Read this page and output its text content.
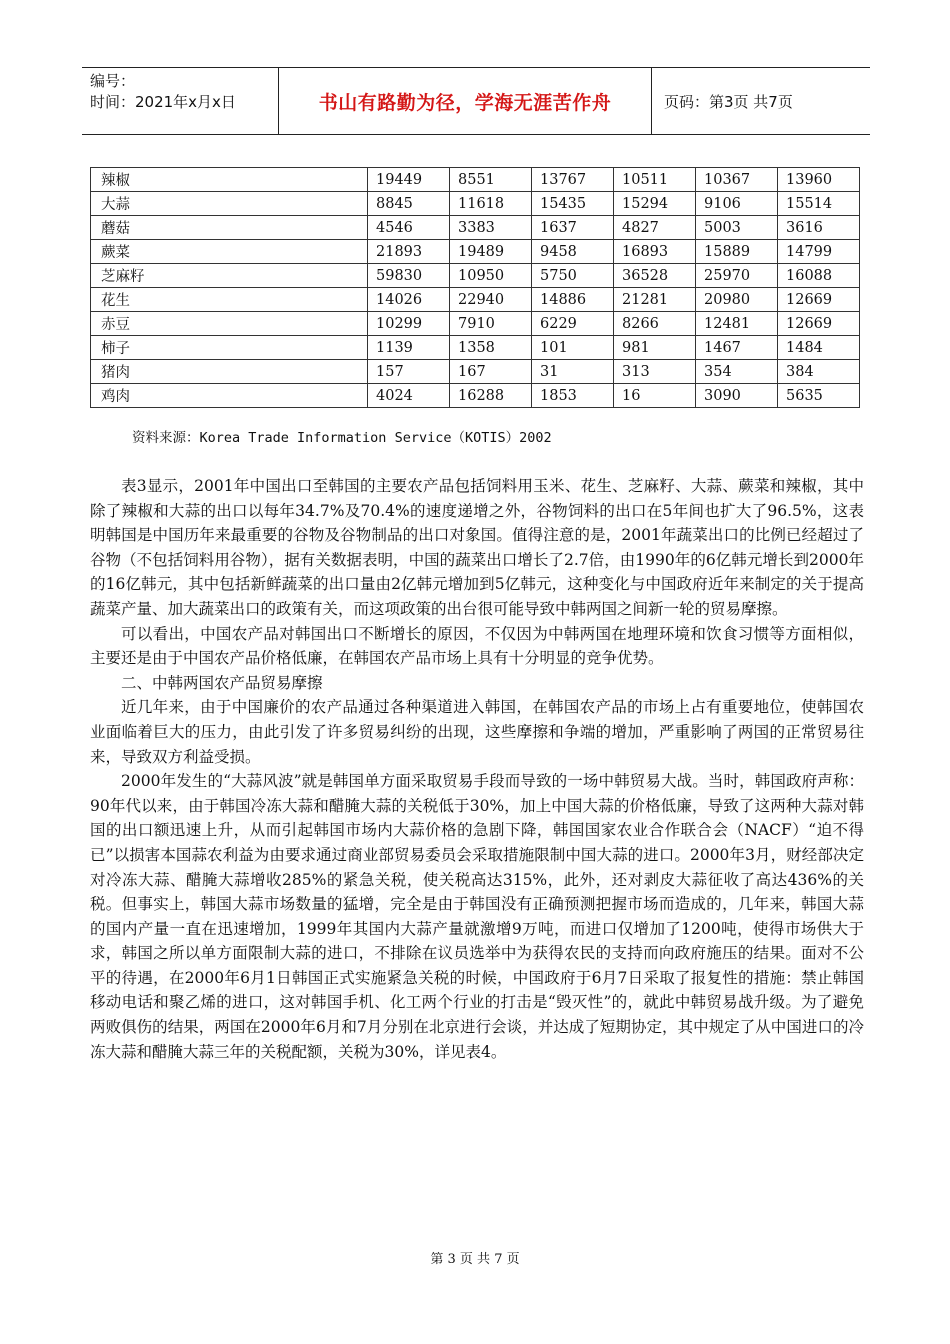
编号：
时间：2021年x月x日	书山有路勤为径，学海无涯苦作舟	页码：第3页 共7页
辣椒	19449	8551	13767	10511	10367	13960
大蒜	8845	11618	15435	15294	9106	15514
蘑菇	4546	3383	1637	4827	5003	3616
蕨菜	21893	19489	9458	16893	15889	14799
芝麻籽	59830	10950	5750	36528	25970	16088
花生	14026	22940	14886	21281	20980	12669
赤豆	10299	7910	6229	8266	12481	12669
柿子	1139	1358	101	981	1467	1484
猪肉	157	167	31	313	354	384
鸡肉	4024	16288	1853	16	3090	5635
资料来源：Korea Trade Information Service（KOTIS）2002

表3显示，2001年中国出口至韩国的主要农产品包括饲料用玉米、花生、芝麻籽、大蒜、蕨菜和辣椒，其中除了辣椒和大蒜的出口以每年34.7%及70.4%的速度递增之外，谷物饲料的出口在5年间也扩大了96.5%，这表明韩国是中国历年来最重要的谷物及谷物制品的出口对象国。值得注意的是，2001年蔬菜出口的比例已经超过了谷物（不包括饲料用谷物），据有关数据表明，中国的蔬菜出口增长了2.7倍，由1990年的6亿韩元增长到2000年的16亿韩元，其中包括新鲜蔬菜的出口量由2亿韩元增加到5亿韩元，这种变化与中国政府近年来制定的关于提高蔬菜产量、加大蔬菜出口的政策有关，而这项政策的出台很可能导致中韩两国之间新一轮的贸易摩擦。

可以看出，中国农产品对韩国出口不断增长的原因，不仅因为中韩两国在地理环境和饮食习惯等方面相似，主要还是由于中国农产品价格低廉，在韩国农产品市场上具有十分明显的竞争优势。

二、中韩两国农产品贸易摩擦

近几年来，由于中国廉价的农产品通过各种渠道进入韩国，在韩国农产品的市场上占有重要地位，使韩国农业面临着巨大的压力，由此引发了许多贸易纠纷的出现，这些摩擦和争端的增加，严重影响了两国的正常贸易往来，导致双方利益受损。

2000年发生的“大蒜风波”就是韩国单方面采取贸易手段而导致的一场中韩贸易大战。当时，韩国政府声称：90年代以来，由于韩国冷冻大蒜和醋腌大蒜的关税低于30%，加上中国大蒜的价格低廉，导致了这两种大蒜对韩国的出口额迅速上升，从而引起韩国市场内大蒜价格的急剧下降，韩国国家农业合作联合会（NACF）“迫不得已”以损害本国蒜农利益为由要求通过商业部贸易委员会采取措施限制中国大蒜的进口。2000年3月，财经部决定对冷冻大蒜、醋腌大蒜增收285%的紧急关税，使关税高达315%，此外，还对剥皮大蒜征收了高达436%的关税。但事实上，韩国大蒜市场数量的猛增，完全是由于韩国没有正确预测把握市场而造成的，几年来，韩国大蒜的国内产量一直在迅速增加，1999年其国内大蒜产量就激增9万吨，而进口仅增加了1200吨，使得市场供大于求，韩国之所以单方面限制大蒜的进口，不排除在议员选举中为获得农民的支持而向政府施压的结果。面对不公平的待遇，在2000年6月1日韩国正式实施紧急关税的时候，中国政府于6月7日采取了报复性的措施：禁止韩国移动电话和聚乙烯的进口，这对韩国手机、化工两个行业的打击是“毁灭性”的，就此中韩贸易战升级。为了避免两败俱伤的结果，两国在2000年6月和7月分别在北京进行会谈，并达成了短期协定，其中规定了从中国进口的冷冻大蒜和醋腌大蒜三年的关税配额，关税为30%，详见表4。

第 3 页 共 7 页
